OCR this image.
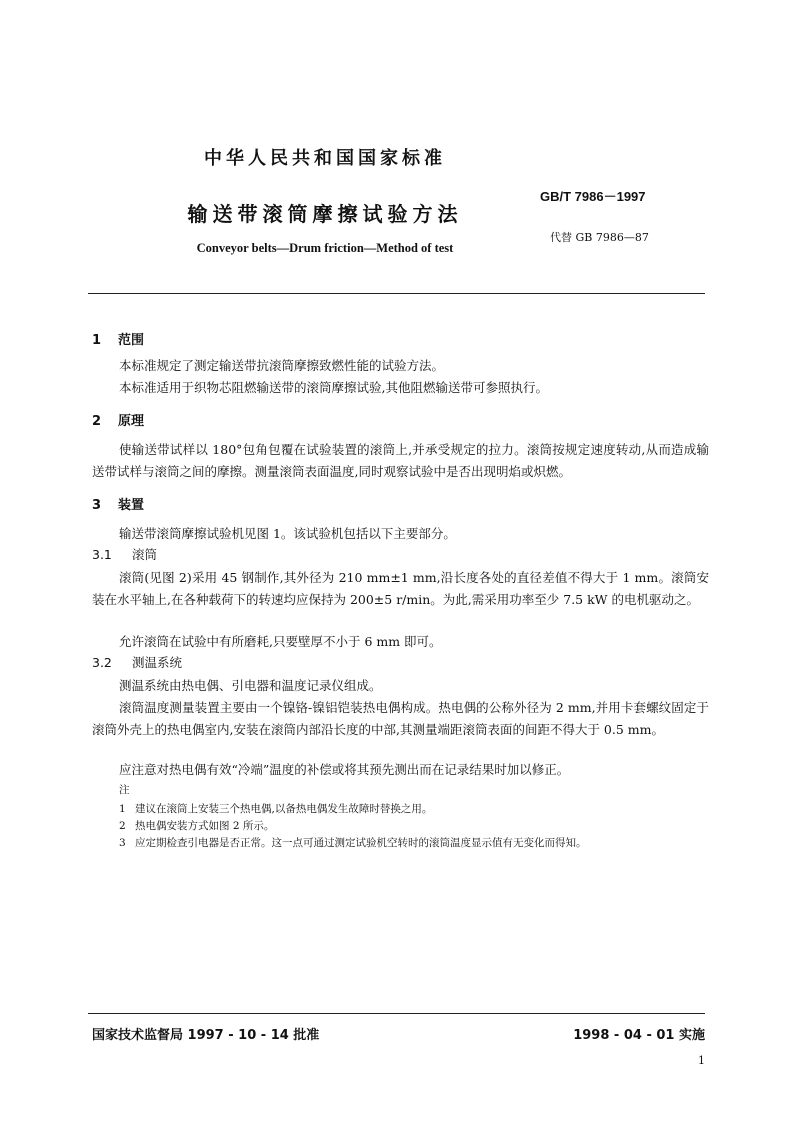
中华人民共和国国家标准
GB/T 7986－1997
输送带滚筒摩擦试验方法
代替 GB 7986—87
Conveyor belts—Drum friction—Method of test
1 范围
本标准规定了测定输送带抗滚筒摩擦致燃性能的试验方法。
本标准适用于织物芯阻燃输送带的滚筒摩擦试验,其他阻燃输送带可参照执行。
2 原理
使输送带试样以 180°包角包覆在试验装置的滚筒上,并承受规定的拉力。滚筒按规定速度转动,从而造成输送带试样与滚筒之间的摩擦。测量滚筒表面温度,同时观察试验中是否出现明焰或炽燃。
3 装置
输送带滚筒摩擦试验机见图 1。该试验机包括以下主要部分。
3.1 滚筒
滚筒(见图 2)采用 45 钢制作,其外径为 210 mm±1 mm,沿长度各处的直径差值不得大于 1 mm。滚筒安装在水平轴上,在各种载荷下的转速均应保持为 200±5 r/min。为此,需采用功率至少 7.5 kW 的电机驱动之。
允许滚筒在试验中有所磨耗,只要壁厚不小于 6 mm 即可。
3.2 测温系统
测温系统由热电偶、引电器和温度记录仪组成。
滚筒温度测量装置主要由一个镍铬-镍铝铠装热电偶构成。热电偶的公称外径为 2 mm,并用卡套螺纹固定于滚筒外壳上的热电偶室内,安装在滚筒内部沿长度的中部,其测量端距滚筒表面的间距不得大于 0.5 mm。
应注意对热电偶有效“冷端”温度的补偿或将其预先测出而在记录结果时加以修正。
注
1 建议在滚筒上安装三个热电偶,以备热电偶发生故障时替换之用。
2 热电偶安装方式如图 2 所示。
3 应定期检查引电器是否正常。这一点可通过测定试验机空转时的滚筒温度显示值有无变化而得知。
国家技术监督局 1997 - 10 - 14 批准	1998 - 04 - 01 实施
1
